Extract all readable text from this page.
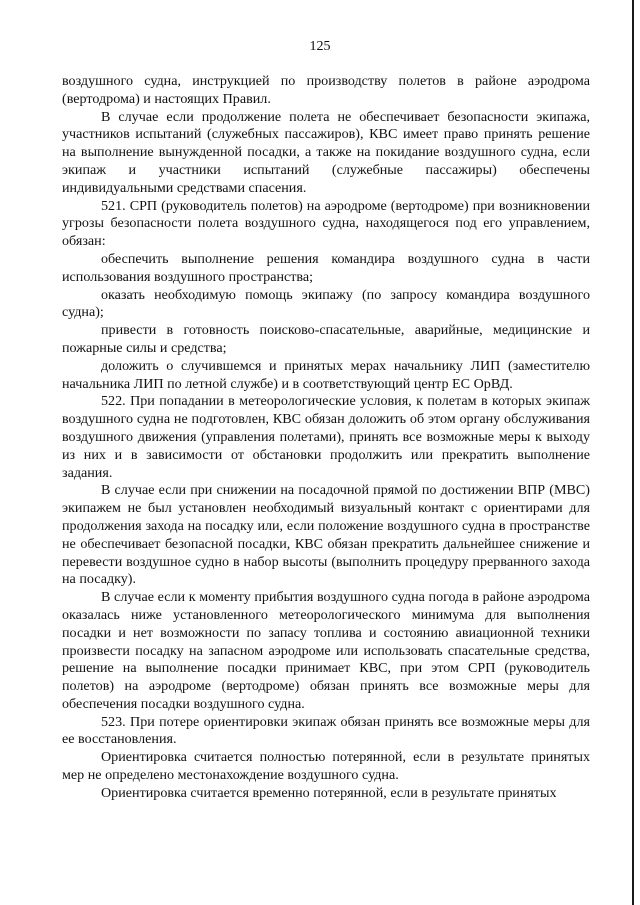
125

воздушного судна, инструкцией по производству полетов в районе аэродрома (вертодрома) и настоящих Правил.

В случае если продолжение полета не обеспечивает безопасности экипажа, участников испытаний (служебных пассажиров), КВС имеет право принять решение на выполнение вынужденной посадки, а также на покидание воздушного судна, если экипаж и участники испытаний (служебные пассажиры) обеспечены индивидуальными средствами спасения.

521. СРП (руководитель полетов) на аэродроме (вертодроме) при возникновении угрозы безопасности полета воздушного судна, находящегося под его управлением, обязан:

обеспечить выполнение решения командира воздушного судна в части использования воздушного пространства;

оказать необходимую помощь экипажу (по запросу командира воздушного судна);

привести в готовность поисково-спасательные, аварийные, медицинские и пожарные силы и средства;

доложить о случившемся и принятых мерах начальнику ЛИП (заместителю начальника ЛИП по летной службе) и в соответствующий центр ЕС ОрВД.

522. При попадании в метеорологические условия, к полетам в которых экипаж воздушного судна не подготовлен, КВС обязан доложить об этом органу обслуживания воздушного движения (управления полетами), принять все возможные меры к выходу из них и в зависимости от обстановки продолжить или прекратить выполнение задания.

В случае если при снижении на посадочной прямой по достижении ВПР (МВС) экипажем не был установлен необходимый визуальный контакт с ориентирами для продолжения захода на посадку или, если положение воздушного судна в пространстве не обеспечивает безопасной посадки, КВС обязан прекратить дальнейшее снижение и перевести воздушное судно в набор высоты (выполнить процедуру прерванного захода на посадку).

В случае если к моменту прибытия воздушного судна погода в районе аэродрома оказалась ниже установленного метеорологического минимума для выполнения посадки и нет возможности по запасу топлива и состоянию авиационной техники произвести посадку на запасном аэродроме или использовать спасательные средства, решение на выполнение посадки принимает КВС, при этом СРП (руководитель полетов) на аэродроме (вертодроме) обязан принять все возможные меры для обеспечения посадки воздушного судна.

523. При потере ориентировки экипаж обязан принять все возможные меры для ее восстановления.

Ориентировка считается полностью потерянной, если в результате принятых мер не определено местонахождение воздушного судна.

Ориентировка считается временно потерянной, если в результате принятых
